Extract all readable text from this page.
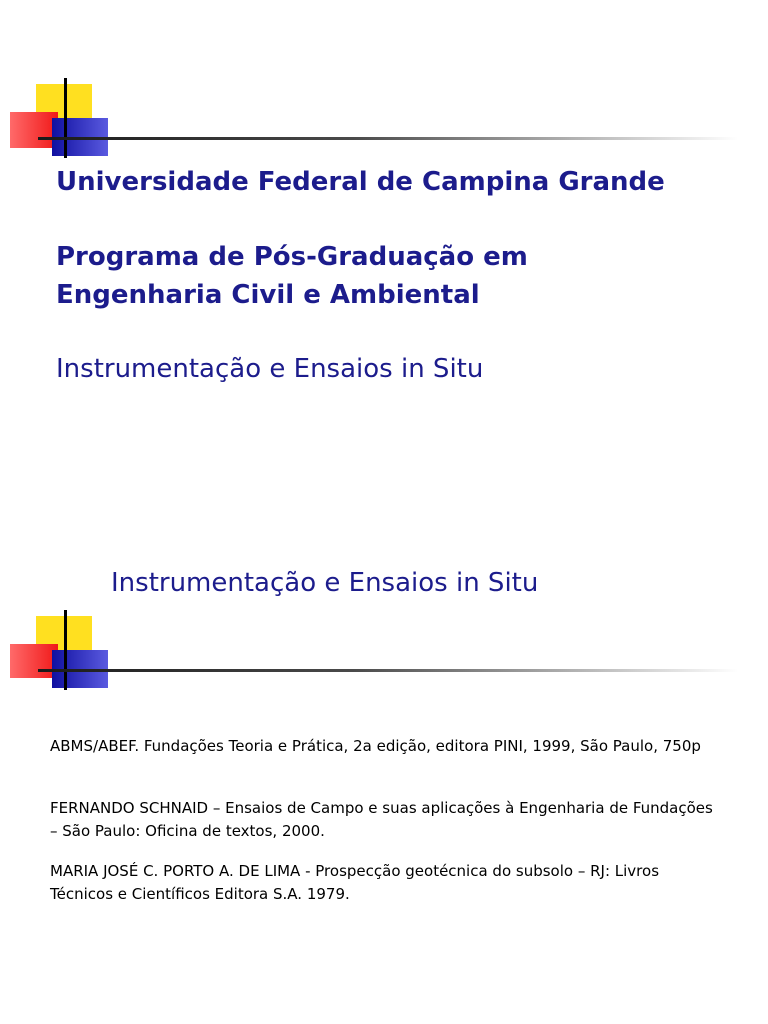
Universidade Federal de Campina Grande

Programa de Pós-Graduação em

Engenharia Civil e Ambiental

Instrumentação e Ensaios in Situ

Instrumentação e Ensaios in Situ

ABMS/ABEF. Fundações Teoria e Prática, 2a edição, editora PINI, 1999, São Paulo, 750p

FERNANDO SCHNAID – Ensaios de Campo e suas aplicações à Engenharia de Fundações – São Paulo: Oficina de textos, 2000.

MARIA JOSÉ C. PORTO A. DE LIMA - Prospecção geotécnica do subsolo – RJ: Livros Técnicos e Científicos Editora S.A. 1979.
